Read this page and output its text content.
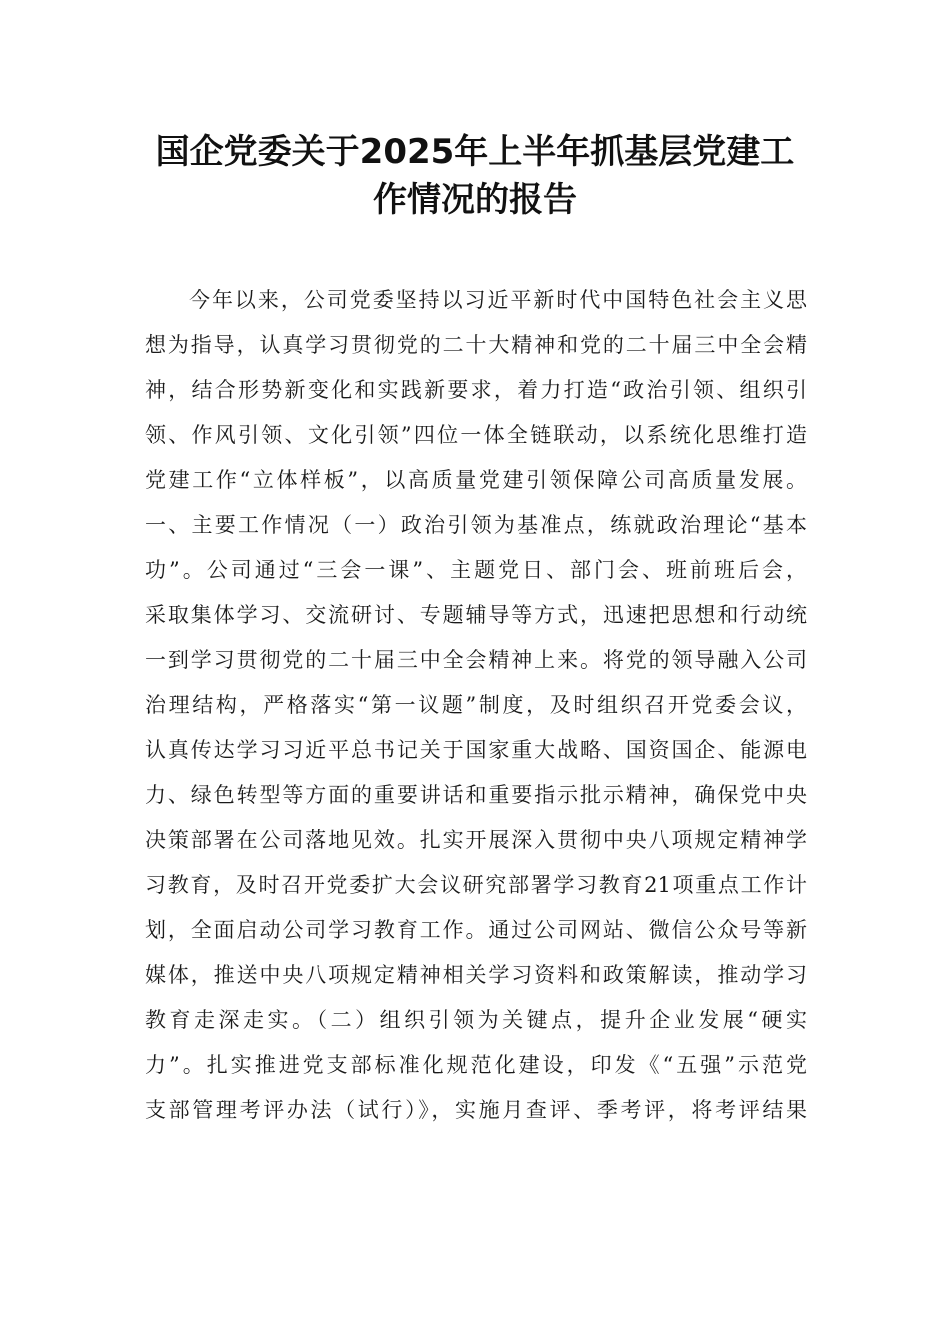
国企党委关于2025年上半年抓基层党建工
作情况的报告
今年以来，公司党委坚持以习近平新时代中国特色社会主义思
想为指导，认真学习贯彻党的二十大精神和党的二十届三中全会精
神，结合形势新变化和实践新要求，着力打造“政治引领、组织引
领、作风引领、文化引领”四位一体全链联动，以系统化思维打造
党建工作“立体样板”，以高质量党建引领保障公司高质量发展。
一、主要工作情况（一）政治引领为基准点，练就政治理论“基本
功”。公司通过“三会一课”、主题党日、部门会、班前班后会，
采取集体学习、交流研讨、专题辅导等方式，迅速把思想和行动统
一到学习贯彻党的二十届三中全会精神上来。将党的领导融入公司
治理结构，严格落实“第一议题”制度，及时组织召开党委会议，
认真传达学习习近平总书记关于国家重大战略、国资国企、能源电
力、绿色转型等方面的重要讲话和重要指示批示精神，确保党中央
决策部署在公司落地见效。扎实开展深入贯彻中央八项规定精神学
习教育，及时召开党委扩大会议研究部署学习教育21项重点工作计
划，全面启动公司学习教育工作。通过公司网站、微信公众号等新
媒体，推送中央八项规定精神相关学习资料和政策解读，推动学习
教育走深走实。（二）组织引领为关键点，提升企业发展“硬实
力”。扎实推进党支部标准化规范化建设，印发《“五强”示范党
支部管理考评办法（试行）》，实施月查评、季考评，将考评结果
